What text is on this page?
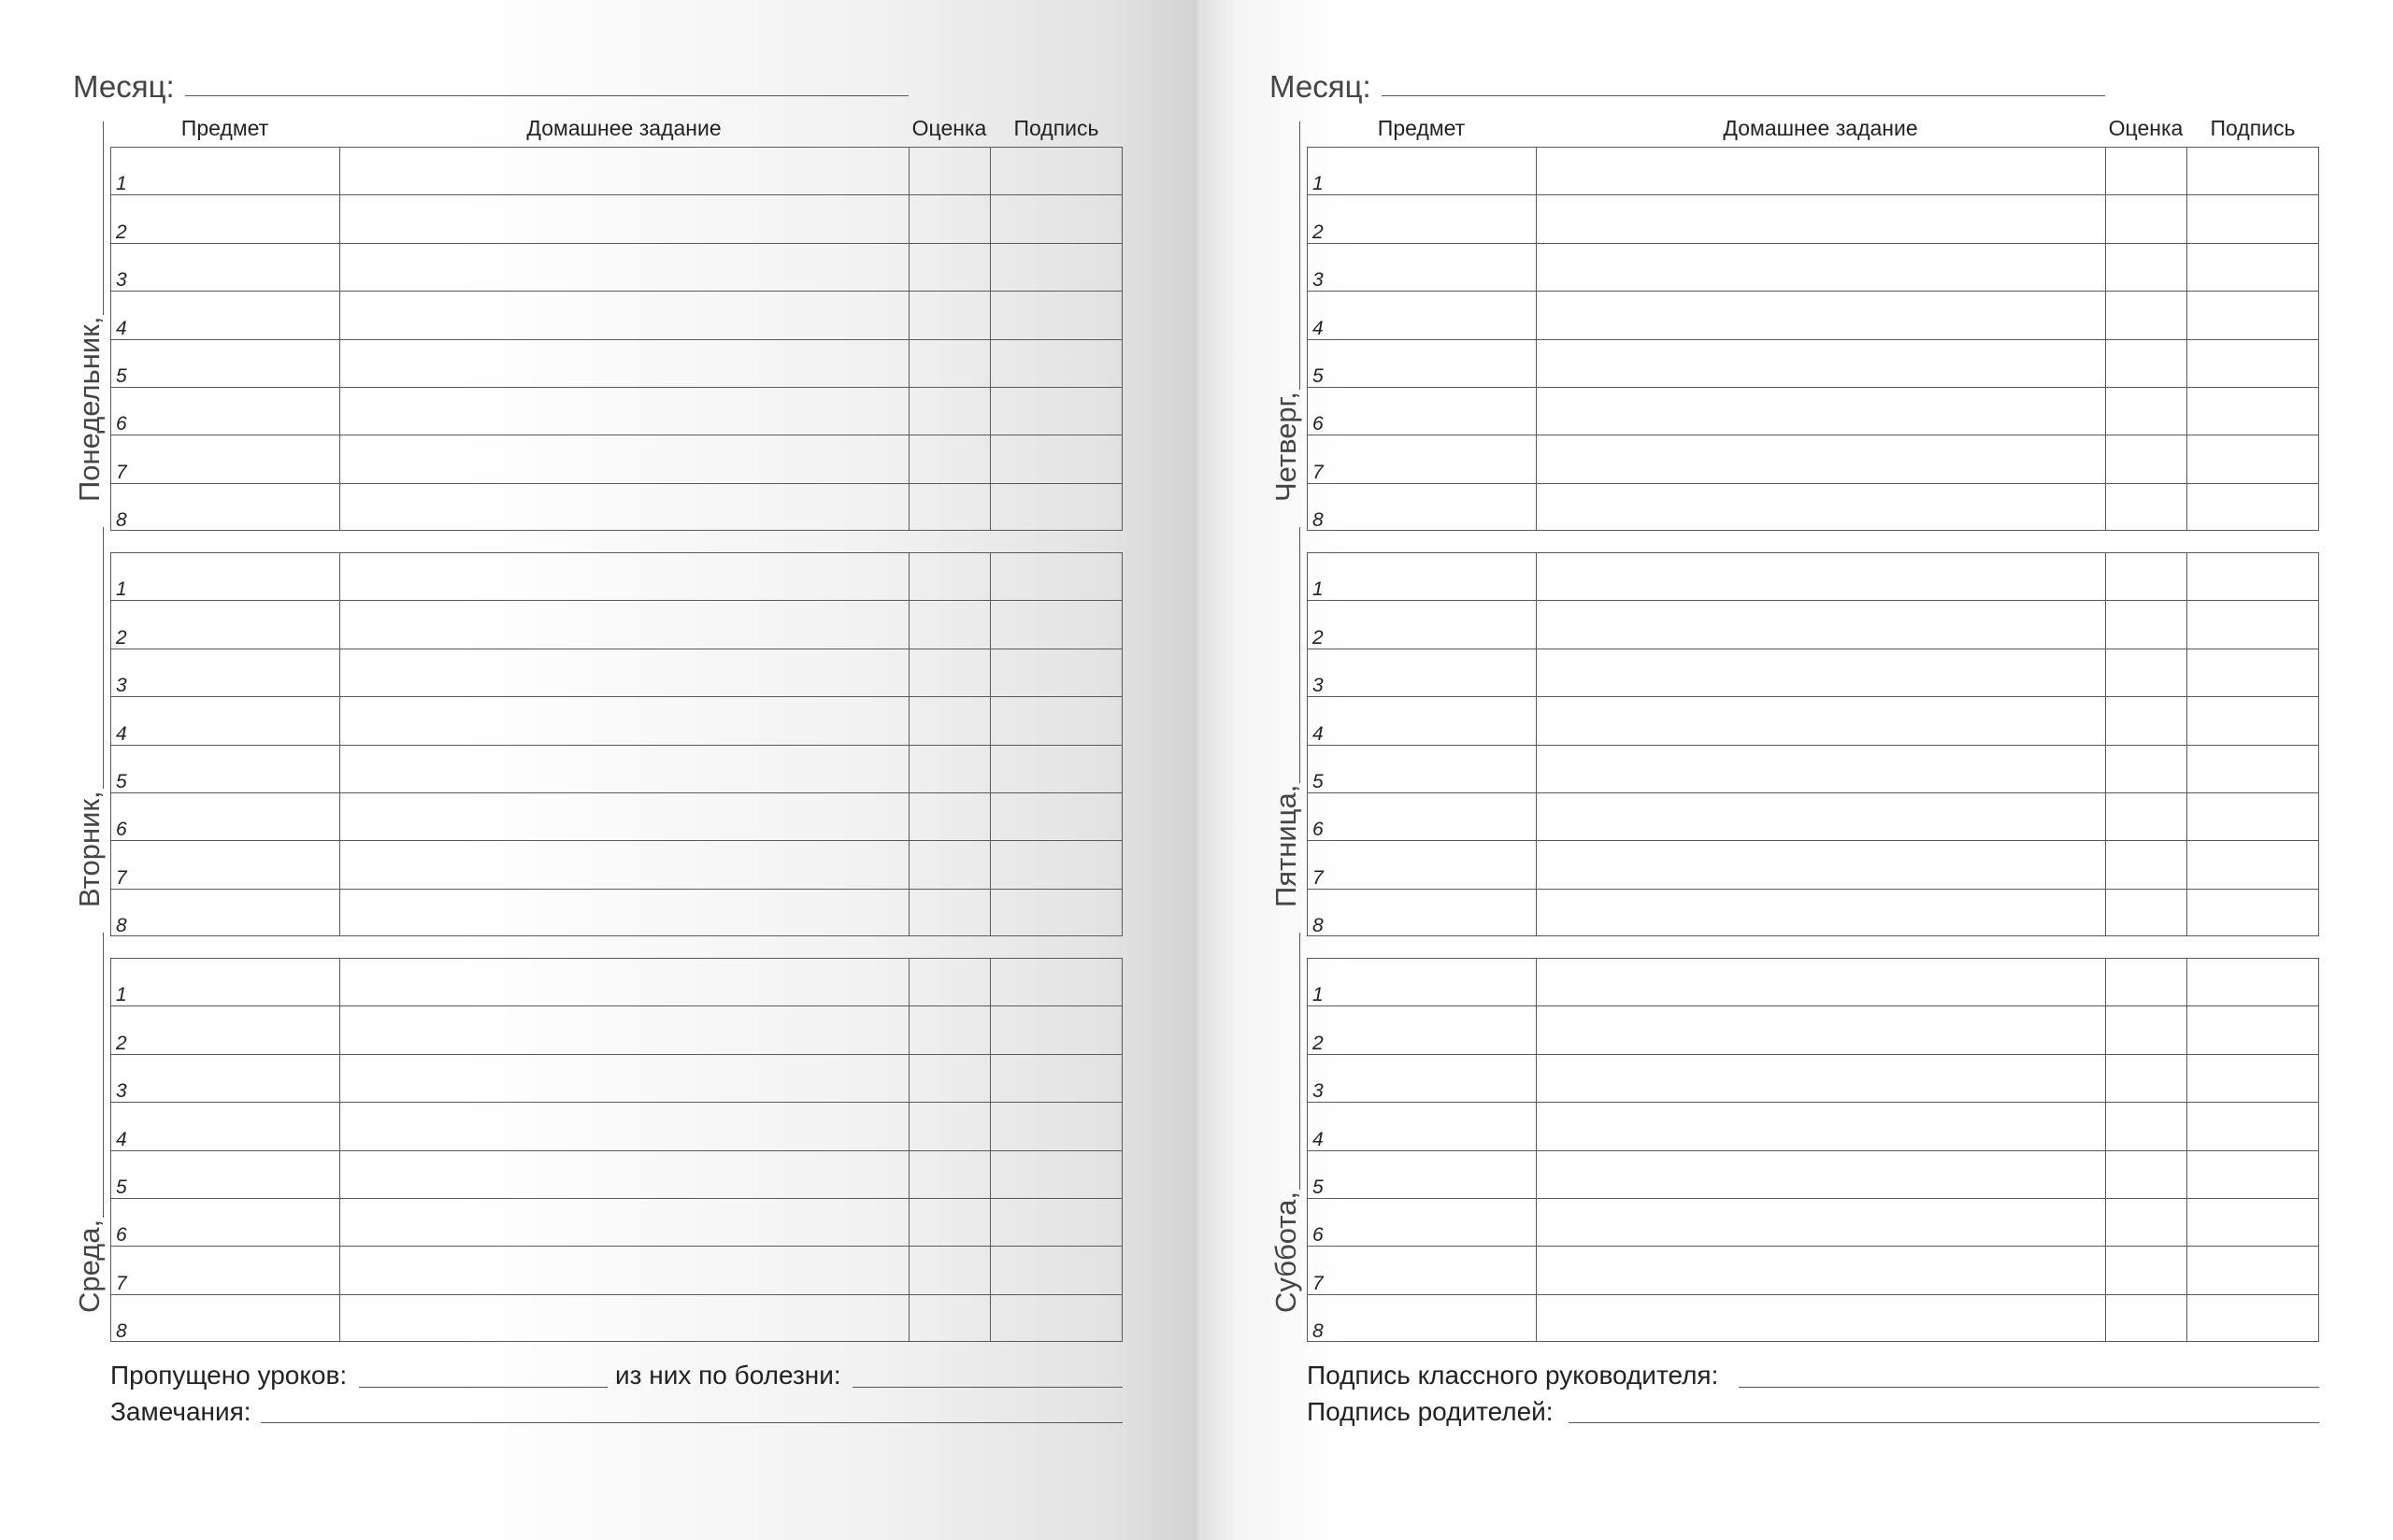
Месяц:
Предмет	Домашнее задание	Оценка	Подпись
1
2
3
4
5
6
7
8
Понедельник,
1
2
3
4
5
6
7
8
Вторник,
1
2
3
4
5
6
7
8
Среда,
Месяц:
Предмет	Домашнее задание	Оценка	Подпись
1
2
3
4
5
6
7
8
Четверг,
1
2
3
4
5
6
7
8
Пятница,
1
2
3
4
5
6
7
8
Суббота,
Пропущено уроков:	из них по болезни:
Замечания:
Подпись классного руководителя:
Подпись родителей:
